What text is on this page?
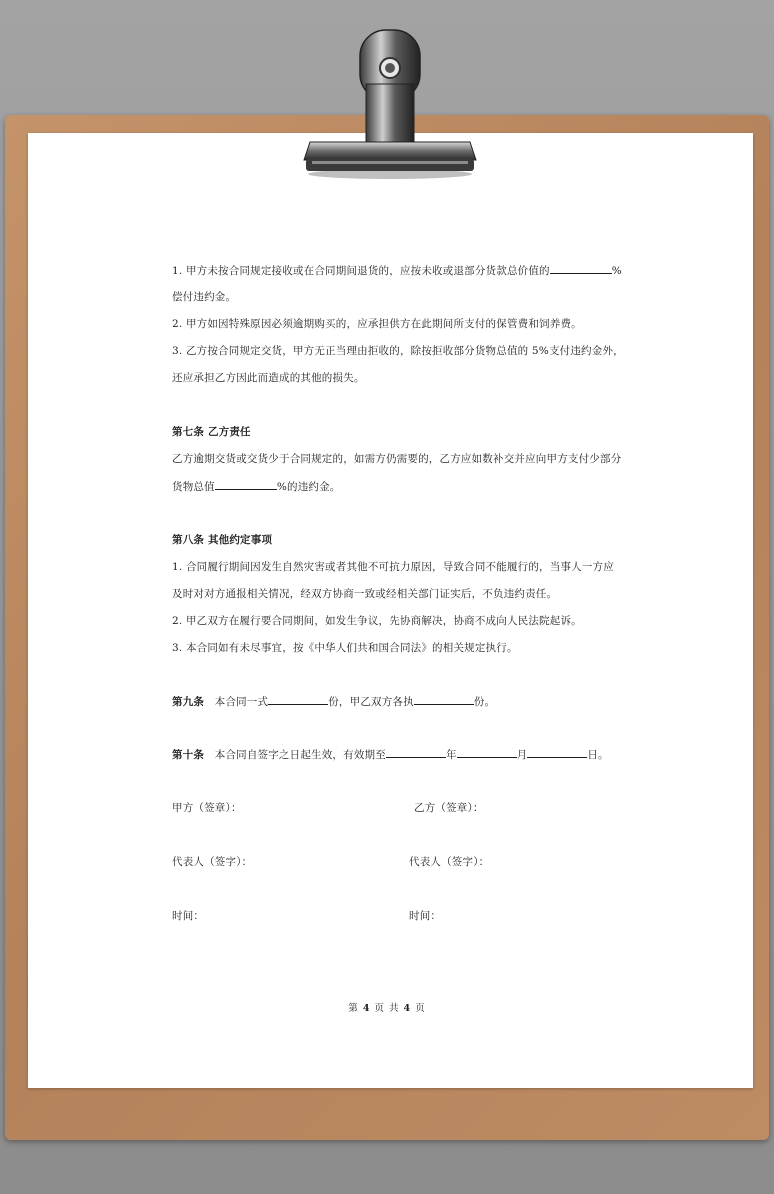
1. 甲方未按合同规定接收或在合同期间退货的，应按未收或退部分货款总价值的	%
偿付违约金。
2. 甲方如因特殊原因必须逾期购买的，应承担供方在此期间所支付的保管费和饲养费。
3. 乙方按合同规定交货，甲方无正当理由拒收的，除按拒收部分货物总值的 5%支付违约金外，
还应承担乙方因此而造成的其他的损失。
第七条 乙方责任
乙方逾期交货或交货少于合同规定的，如需方仍需要的，乙方应如数补交并应向甲方支付少部分
货物总值	%的违约金。
第八条 其他约定事项
1. 合同履行期间因发生自然灾害或者其他不可抗力原因，导致合同不能履行的，当事人一方应
及时对对方通报相关情况，经双方协商一致或经相关部门证实后，不负违约责任。
2. 甲乙双方在履行要合同期间，如发生争议，先协商解决，协商不成向人民法院起诉。
3. 本合同如有未尽事宜，按《中华人们共和国合同法》的相关规定执行。
第九条 本合同一式	份，甲乙双方各执	份。
第十条 本合同自签字之日起生效，有效期至	年	月	日。
甲方（签章）：	乙方（签章）：
代表人（签字）：	代表人（签字）：
时间：	时间：
第 4 页 共 4 页
